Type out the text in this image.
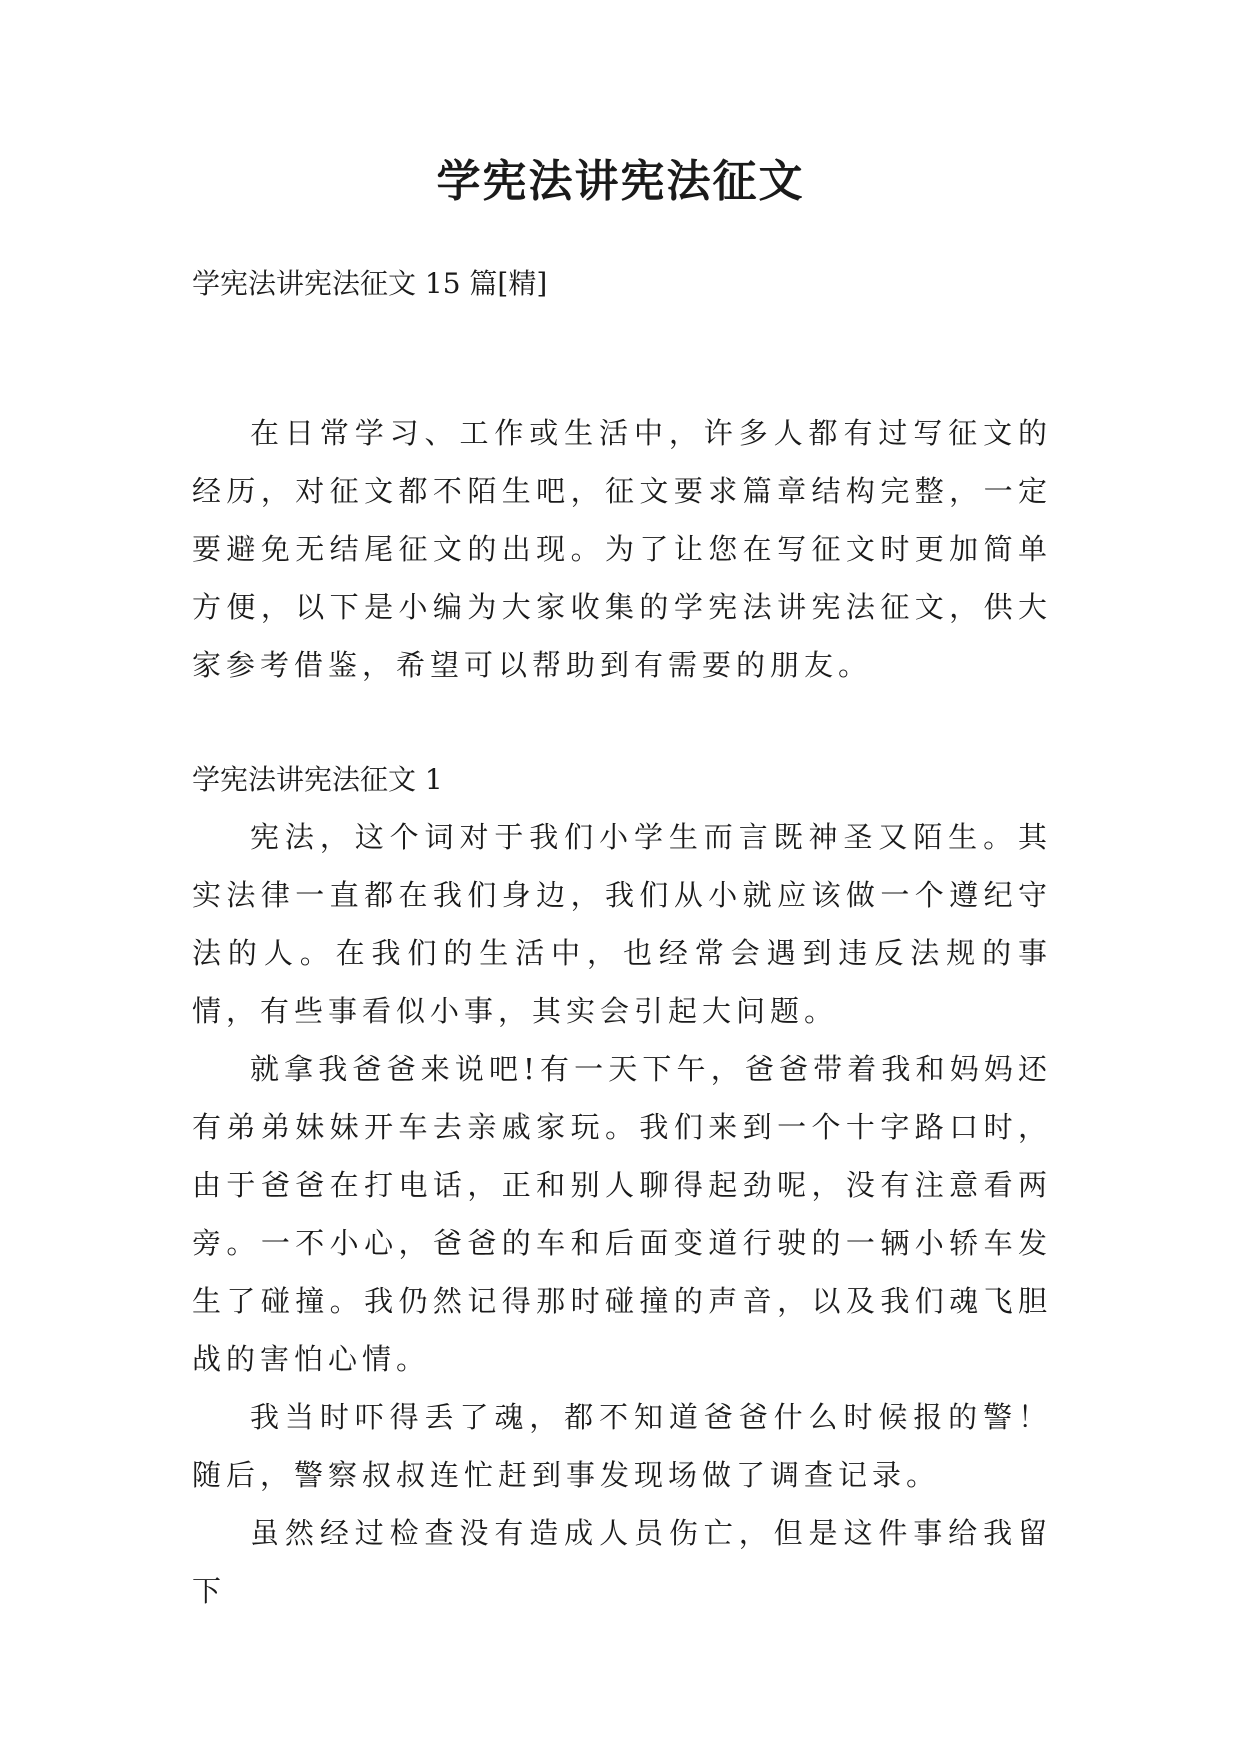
学宪法讲宪法征文
学宪法讲宪法征文 15 篇[精]

在日常学习、工作或生活中，许多人都有过写征文的经历，对征文都不陌生吧，征文要求篇章结构完整，一定要避免无结尾征文的出现。为了让您在写征文时更加简单方便，以下是小编为大家收集的学宪法讲宪法征文，供大家参考借鉴，希望可以帮助到有需要的朋友。

学宪法讲宪法征文 1

宪法，这个词对于我们小学生而言既神圣又陌生。其实法律一直都在我们身边，我们从小就应该做一个遵纪守法的人。在我们的生活中，也经常会遇到违反法规的事情，有些事看似小事，其实会引起大问题。

就拿我爸爸来说吧!有一天下午，爸爸带着我和妈妈还有弟弟妹妹开车去亲戚家玩。我们来到一个十字路口时，由于爸爸在打电话，正和别人聊得起劲呢，没有注意看两旁。一不小心，爸爸的车和后面变道行驶的一辆小轿车发生了碰撞。我仍然记得那时碰撞的声音，以及我们魂飞胆战的害怕心情。

我当时吓得丢了魂，都不知道爸爸什么时候报的警！随后，警察叔叔连忙赶到事发现场做了调查记录。

虽然经过检查没有造成人员伤亡，但是这件事给我留下
